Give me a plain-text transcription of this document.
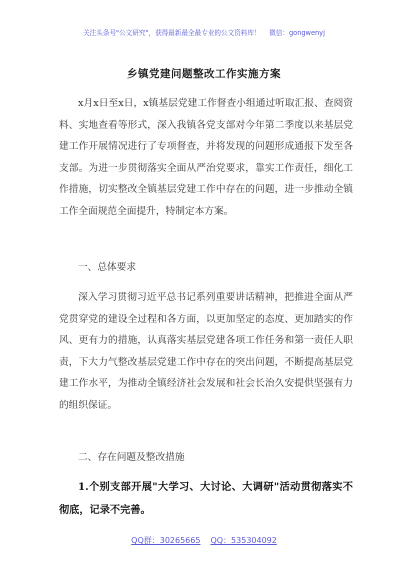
关注头条号"公文研究"，获得最新最全最专业的公文资料库！　 微信：gongwenyj
乡镇党建问题整改工作实施方案
x月x日至x日，x镇基层党建工作督查小组通过听取汇报、查阅资料、实地查看等形式，深入我镇各党支部对今年第二季度以来基层党建工作开展情况进行了专项督查，并将发现的问题形成通报下发至各支部。为进一步贯彻落实全面从严治党要求，靠实工作责任，细化工作措施，切实整改全镇基层党建工作中存在的问题，进一步推动全镇工作全面规范全面提升，特制定本方案。
一、总体要求
深入学习贯彻习近平总书记系列重要讲话精神，把推进全面从严党贯穿党的建设全过程和各方面，以更加坚定的态度、更加踏实的作风、更有力的措施，认真落实基层党建各项工作任务和第一责任人职责，下大力气整改基层党建工作中存在的突出问题，不断提高基层党建工作水平，为推动全镇经济社会发展和社会长治久安提供坚强有力的组织保证。
二、存在问题及整改措施
1.个别支部开展"大学习、大讨论、大调研"活动贯彻落实不彻底，记录不完善。
QQ群：30265665 QQ：535304092
